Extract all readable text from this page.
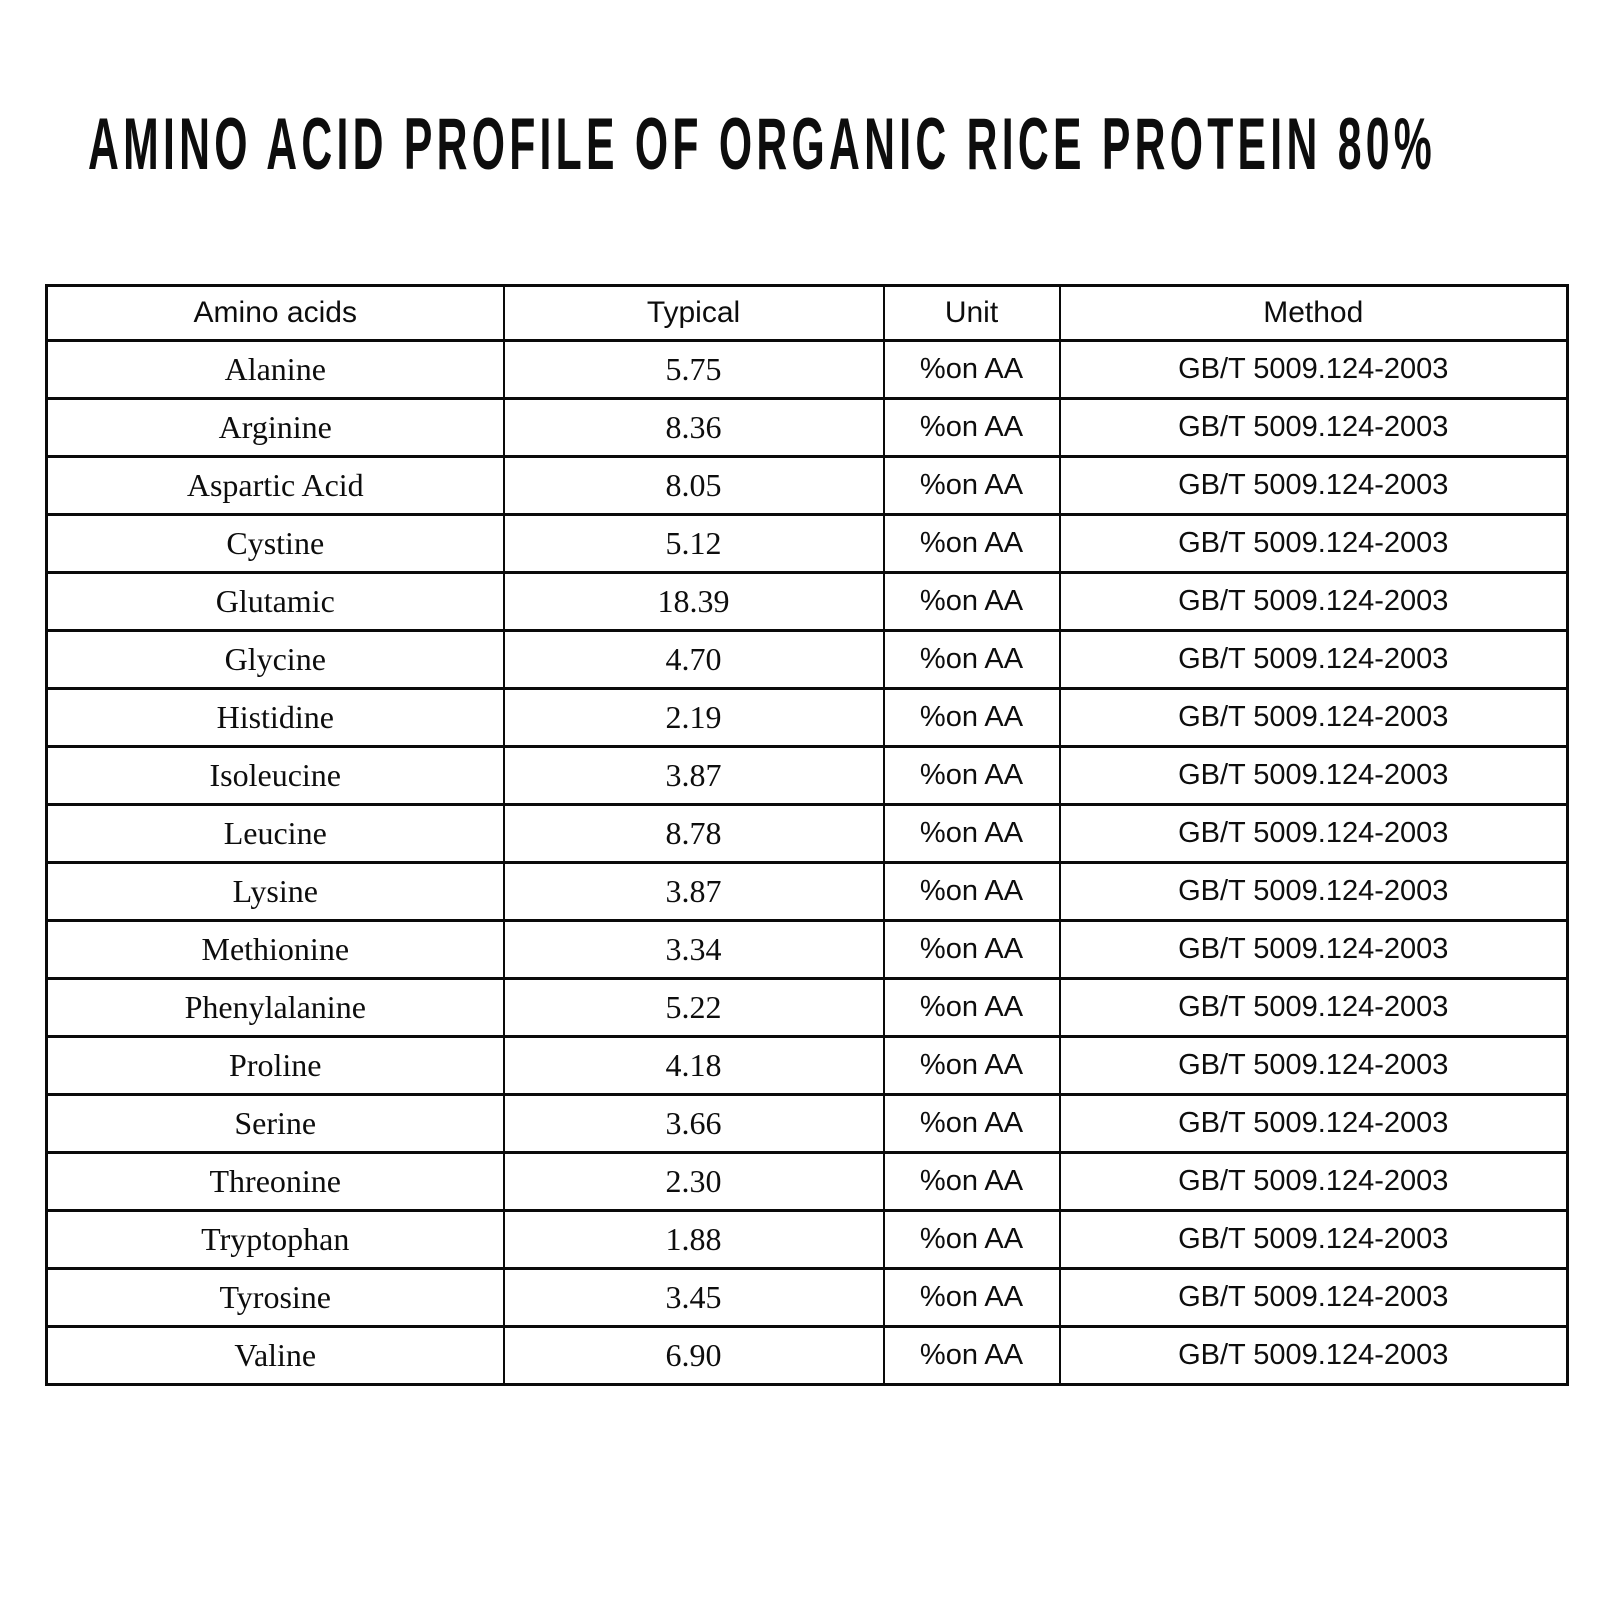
AMINO ACID PROFILE OF ORGANIC RICE PROTEIN 80%
Amino acids	Typical	Unit	Method
Alanine	5.75	%on AA	GB/T 5009.124-2003
Arginine	8.36	%on AA	GB/T 5009.124-2003
Aspartic Acid	8.05	%on AA	GB/T 5009.124-2003
Cystine	5.12	%on AA	GB/T 5009.124-2003
Glutamic	18.39	%on AA	GB/T 5009.124-2003
Glycine	4.70	%on AA	GB/T 5009.124-2003
Histidine	2.19	%on AA	GB/T 5009.124-2003
Isoleucine	3.87	%on AA	GB/T 5009.124-2003
Leucine	8.78	%on AA	GB/T 5009.124-2003
Lysine	3.87	%on AA	GB/T 5009.124-2003
Methionine	3.34	%on AA	GB/T 5009.124-2003
Phenylalanine	5.22	%on AA	GB/T 5009.124-2003
Proline	4.18	%on AA	GB/T 5009.124-2003
Serine	3.66	%on AA	GB/T 5009.124-2003
Threonine	2.30	%on AA	GB/T 5009.124-2003
Tryptophan	1.88	%on AA	GB/T 5009.124-2003
Tyrosine	3.45	%on AA	GB/T 5009.124-2003
Valine	6.90	%on AA	GB/T 5009.124-2003
